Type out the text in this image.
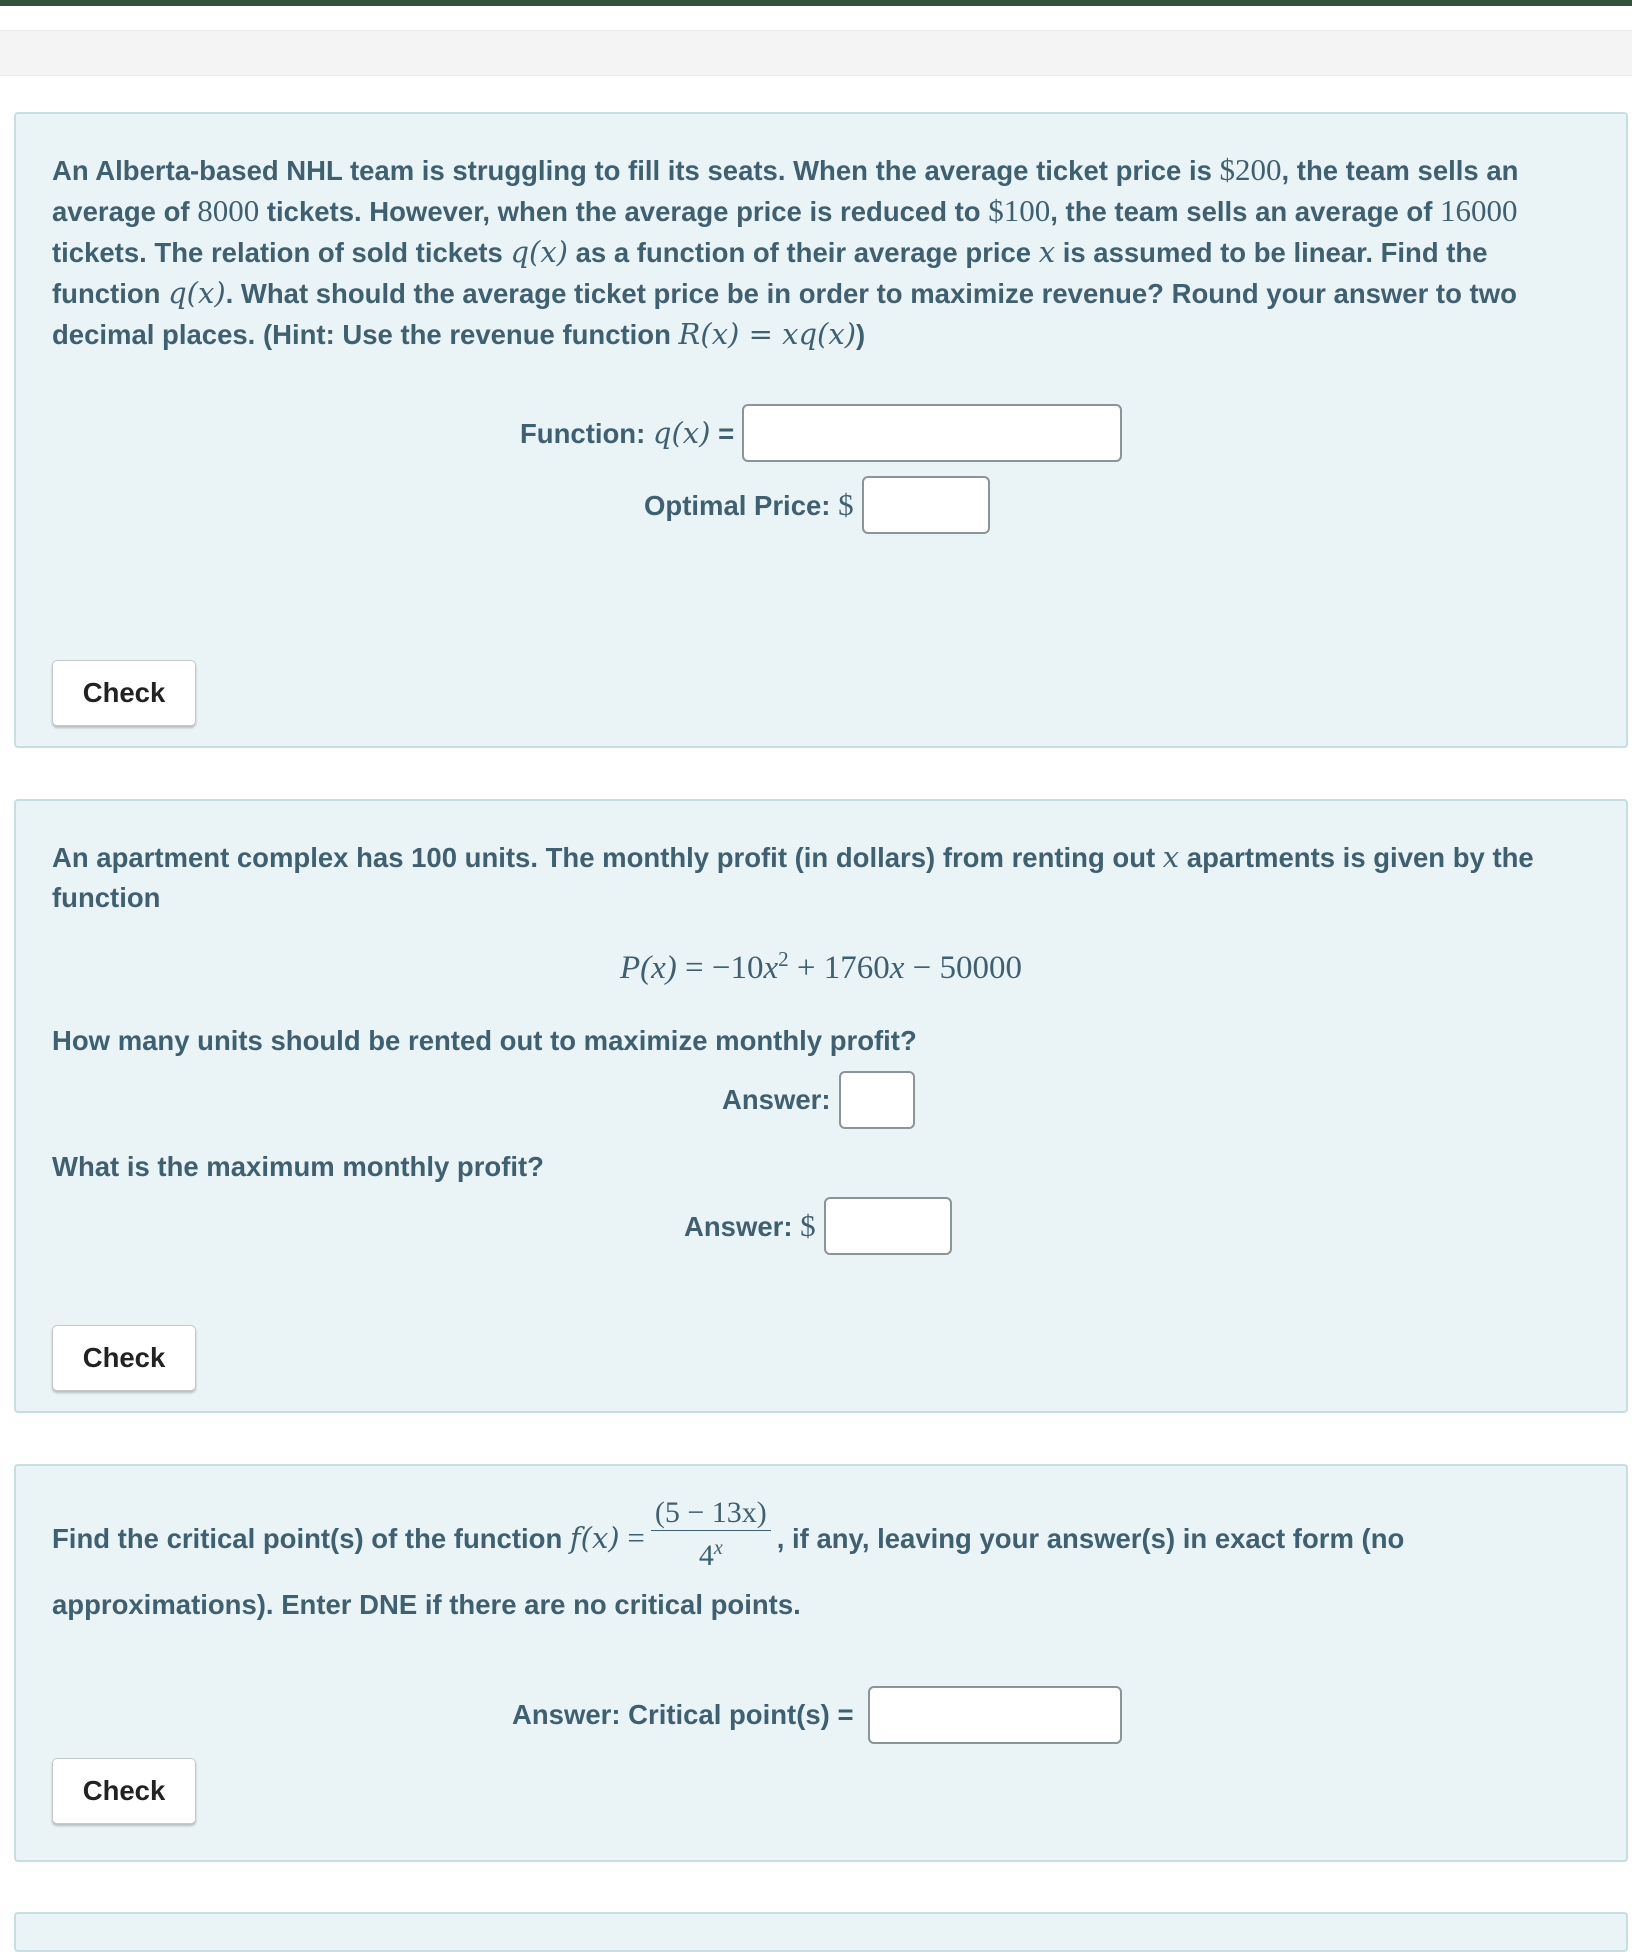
An Alberta-based NHL team is struggling to fill its seats. When the average ticket price is $200, the team sells an average of 8000 tickets. However, when the average price is reduced to $100, the team sells an average of 16000 tickets. The relation of sold tickets q(x) as a function of their average price x is assumed to be linear. Find the function q(x). What should the average ticket price be in order to maximize revenue? Round your answer to two decimal places. (Hint: Use the revenue function R(x) = xq(x))

Function: q(x) =
Optimal Price: $
Check

An apartment complex has 100 units. The monthly profit (in dollars) from renting out x apartments is given by the function

$P(x) = -10x^2 + 1760x - 50000$

How many units should be rented out to maximize monthly profit?

Answer:

What is the maximum monthly profit?

Answer: $
Check

Find the critical point(s) of the function $f(x) = \frac{(5 - 13x)}{4^x}$ , if any, leaving your answer(s) in exact form (no approximations). Enter DNE if there are no critical points.

Answer: Critical point(s) =
Check
